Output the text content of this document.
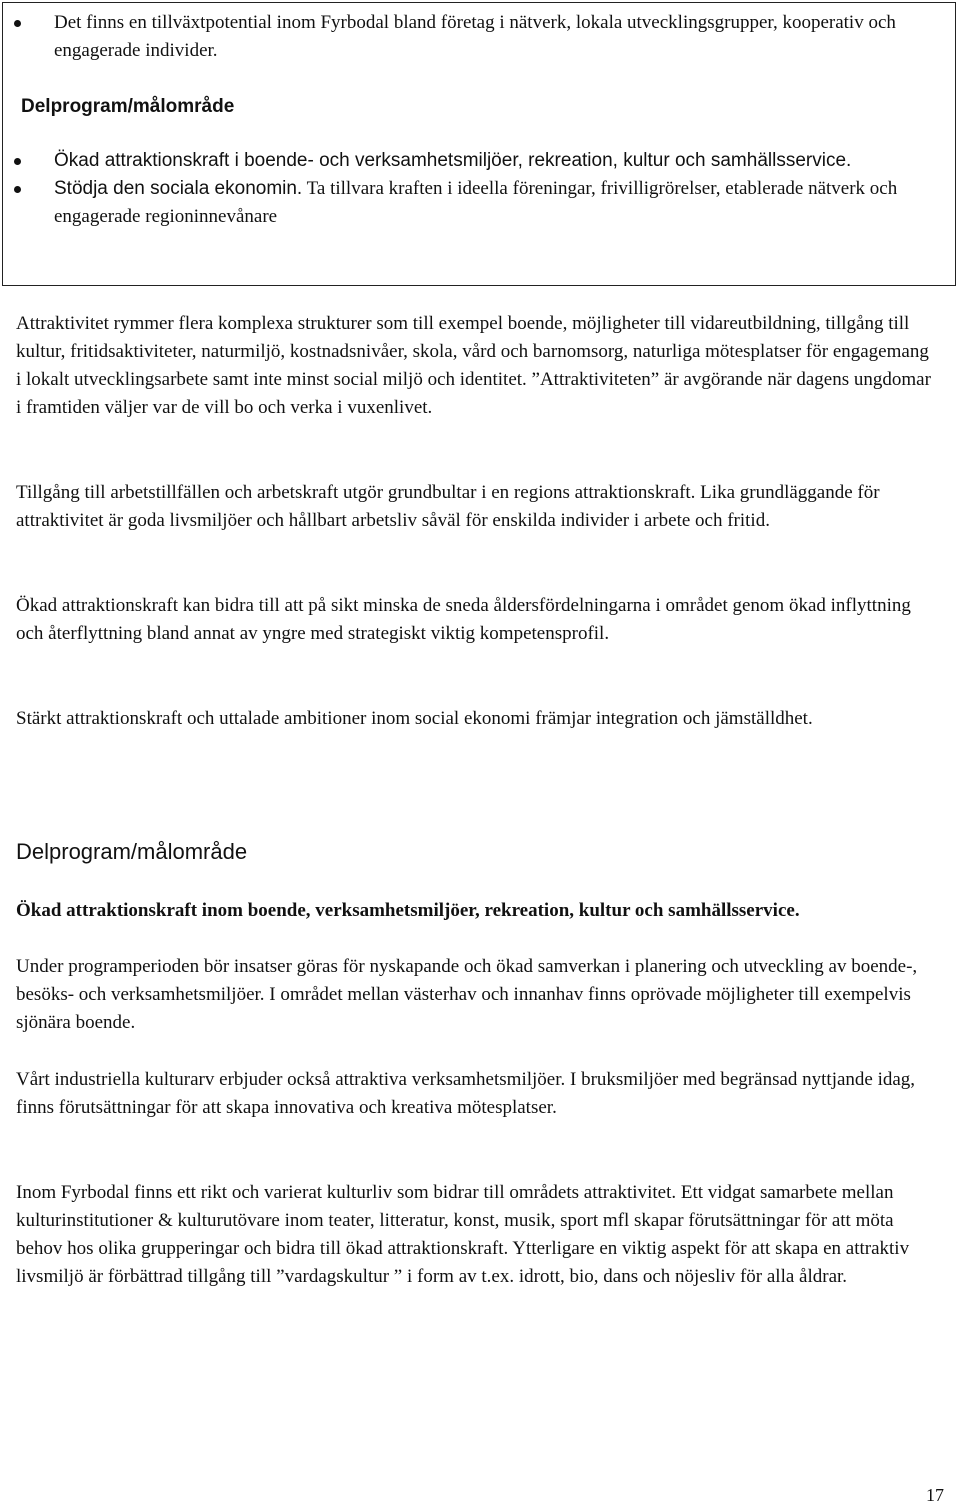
Det finns en tillväxtpotential inom Fyrbodal bland företag i nätverk, lokala utvecklingsgrupper, kooperativ och engagerade individer.
Delprogram/målområde
Ökad attraktionskraft i boende- och verksamhetsmiljöer, rekreation, kultur och samhällsservice.
Stödja den sociala ekonomin. Ta tillvara kraften i ideella föreningar, frivilligrörelser, etablerade nätverk och engagerade regioninnevånare

Attraktivitet rymmer flera komplexa strukturer som till exempel boende, möjligheter till vidareutbildning, tillgång till kultur, fritidsaktiviteter, naturmiljö, kostnadsnivåer, skola, vård och barnomsorg, naturliga mötesplatser för engagemang i lokalt utvecklingsarbete samt inte minst social miljö och identitet. ”Attraktiviteten” är avgörande när dagens ungdomar i framtiden väljer var de vill bo och verka i vuxenlivet.

Tillgång till arbetstillfällen och arbetskraft utgör grundbultar i en regions attraktionskraft. Lika grundläggande för attraktivitet är goda livsmiljöer och hållbart arbetsliv såväl för enskilda individer i arbete och fritid.

Ökad attraktionskraft kan bidra till att på sikt minska de sneda åldersfördelningarna i området genom ökad inflyttning och återflyttning bland annat av yngre med strategiskt viktig kompetensprofil.

Stärkt attraktionskraft och uttalade ambitioner inom social ekonomi främjar integration och jämställdhet.

Delprogram/målområde

Ökad attraktionskraft inom boende, verksamhetsmiljöer, rekreation, kultur och samhällsservice.

Under programperioden bör insatser göras för nyskapande och ökad samverkan i planering och utveckling av boende-, besöks- och verksamhetsmiljöer. I området mellan västerhav och innanhav finns oprövade möjligheter till exempelvis sjönära boende.

Vårt industriella kulturarv erbjuder också attraktiva verksamhetsmiljöer. I bruksmiljöer med begränsad nyttjande idag, finns förutsättningar för att skapa innovativa och kreativa mötesplatser.

Inom Fyrbodal finns ett rikt och varierat kulturliv som bidrar till områdets attraktivitet. Ett vidgat samarbete mellan kulturinstitutioner & kulturutövare inom teater, litteratur, konst, musik, sport mfl skapar förutsättningar för att möta behov hos olika grupperingar och bidra till ökad attraktionskraft. Ytterligare en viktig aspekt för att skapa en attraktiv livsmiljö är förbättrad tillgång till ”vardagskultur ” i form av t.ex. idrott, bio, dans och nöjesliv för alla åldrar.

17
